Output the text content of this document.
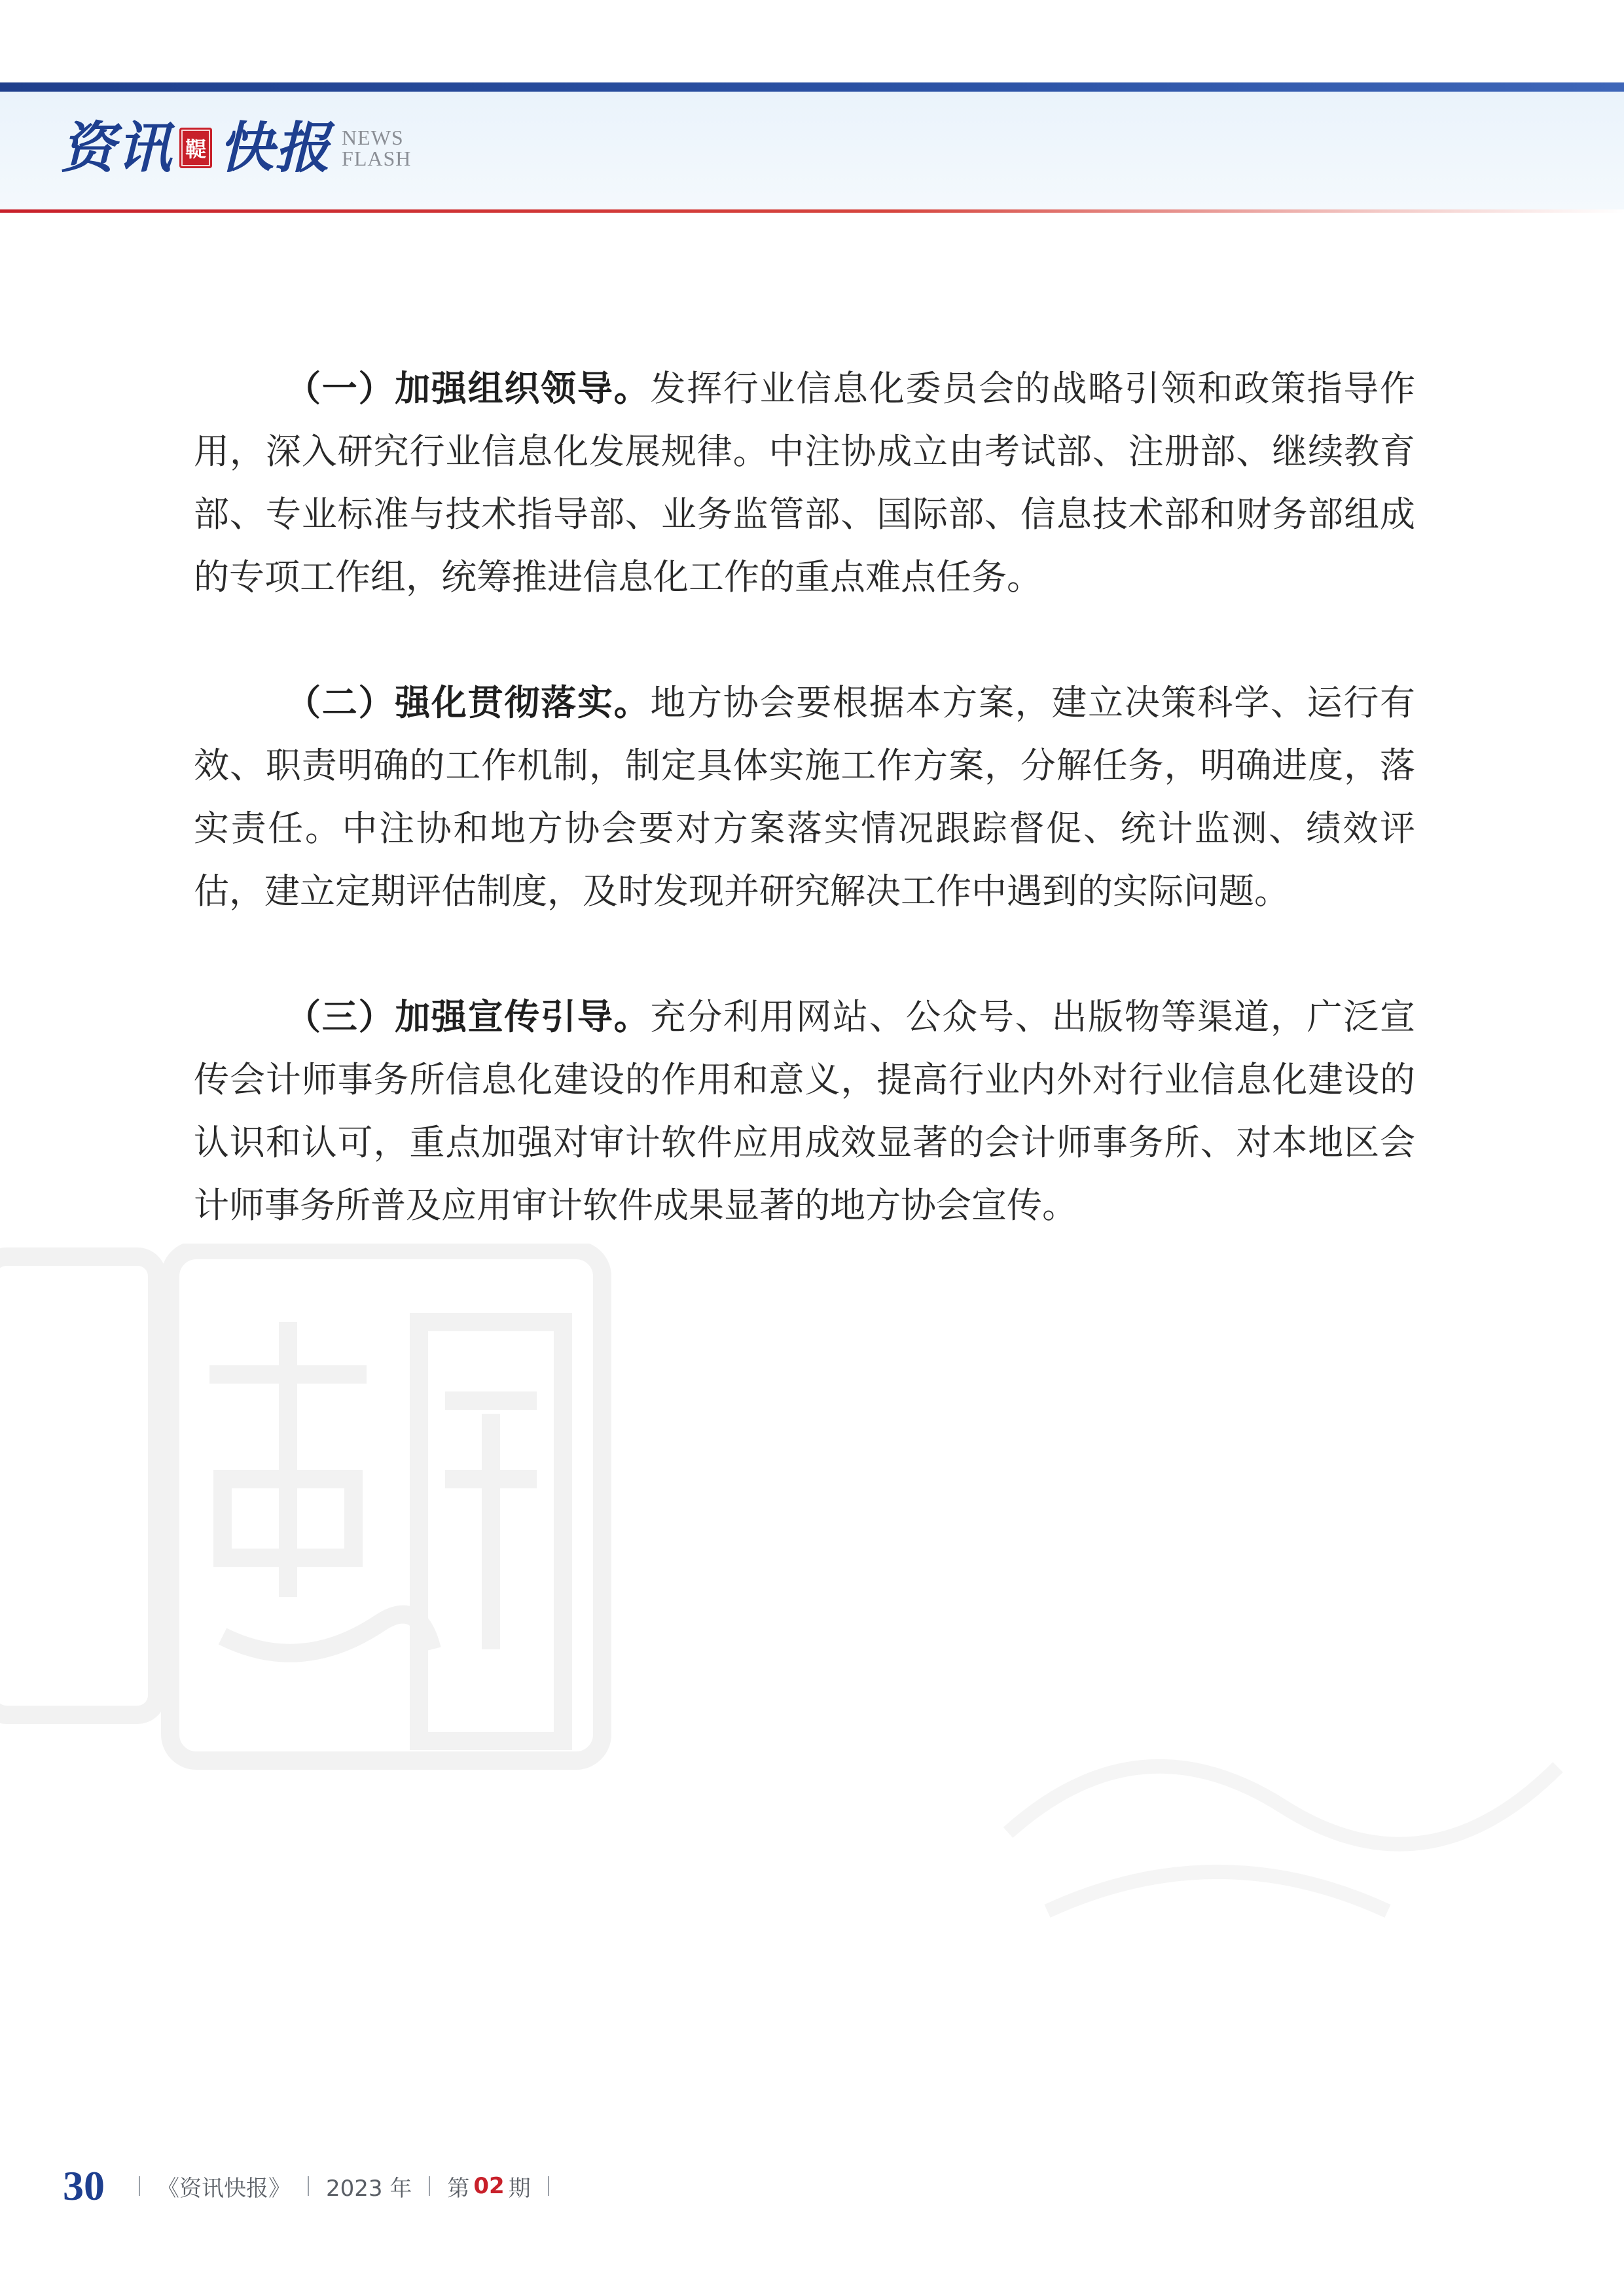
资讯 鞮 快报 NEWS
FLASH

（一）加强组织领导。发挥行业信息化委员会的战略引领和政策指导作用，深入研究行业信息化发展规律。中注协成立由考试部、注册部、继续教育部、专业标准与技术指导部、业务监管部、国际部、信息技术部和财务部组成的专项工作组，统筹推进信息化工作的重点难点任务。

（二）强化贯彻落实。地方协会要根据本方案，建立决策科学、运行有效、职责明确的工作机制，制定具体实施工作方案，分解任务，明确进度，落实责任。中注协和地方协会要对方案落实情况跟踪督促、统计监测、绩效评估，建立定期评估制度，及时发现并研究解决工作中遇到的实际问题。

（三）加强宣传引导。充分利用网站、公众号、出版物等渠道，广泛宣传会计师事务所信息化建设的作用和意义，提高行业内外对行业信息化建设的认识和认可，重点加强对审计软件应用成效显著的会计师事务所、对本地区会计师事务所普及应用审计软件成果显著的地方协会宣传。

30 《资讯快报》 2023 年 第 02 期
